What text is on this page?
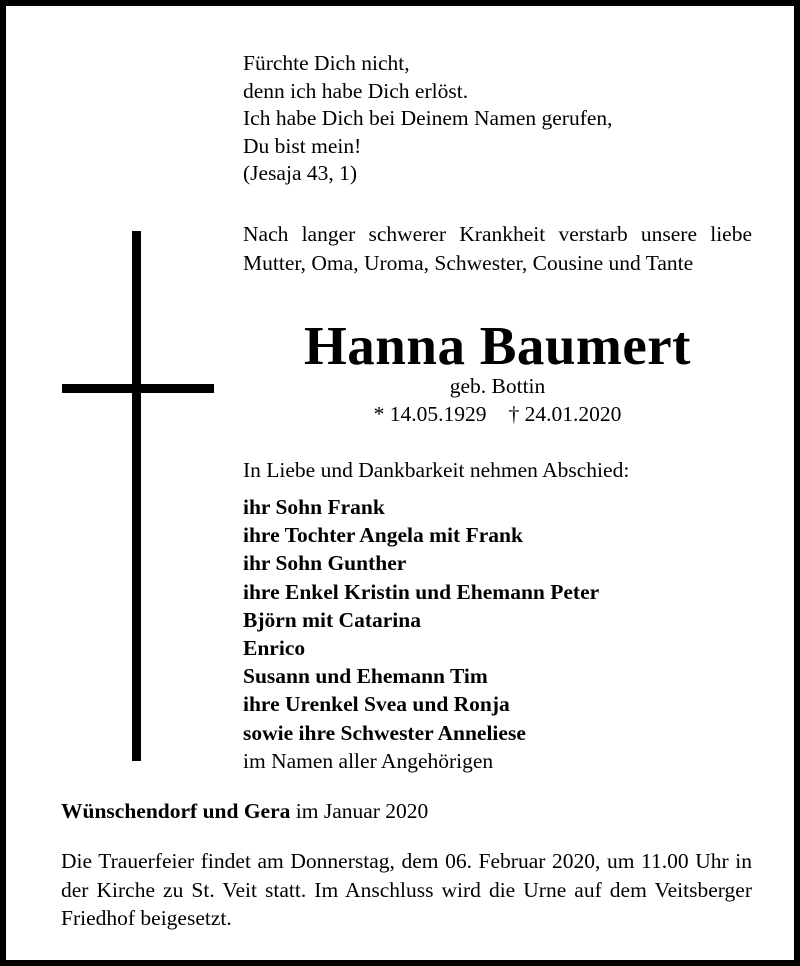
Fürchte Dich nicht,
denn ich habe Dich erlöst.
Ich habe Dich bei Deinem Namen gerufen,
Du bist mein!
(Jesaja 43, 1)
Nach langer schwerer Krankheit verstarb unsere liebe Mutter, Oma, Uroma, Schwester, Cousine und Tante
Hanna Baumert
geb. Bottin
* 14.05.1929 † 24.01.2020
In Liebe und Dankbarkeit nehmen Abschied:
ihr Sohn Frank
ihre Tochter Angela mit Frank
ihr Sohn Gunther
ihre Enkel Kristin und Ehemann Peter
Björn mit Catarina
Enrico
Susann und Ehemann Tim
ihre Urenkel Svea und Ronja
sowie ihre Schwester Anneliese
im Namen aller Angehörigen
Wünschendorf und Gera im Januar 2020
Die Trauerfeier findet am Donnerstag, dem 06. Februar 2020, um 11.00 Uhr in der Kirche zu St. Veit statt. Im Anschluss wird die Urne auf dem Veitsberger Friedhof beigesetzt.
